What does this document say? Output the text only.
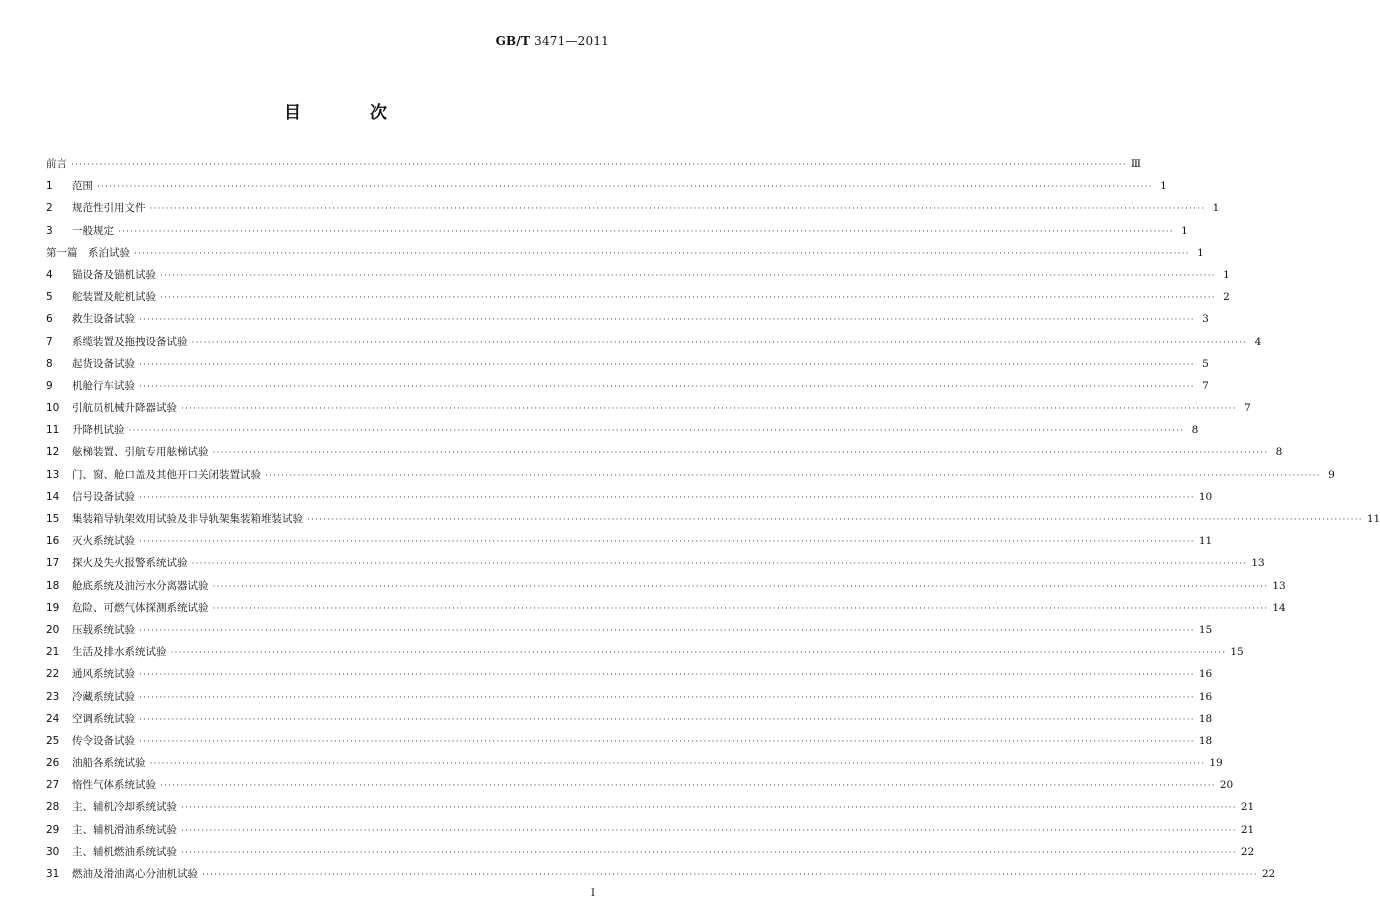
GB/T 3471—2011
目　次
前言 ···································································································································································································································································· Ⅲ
1	范围 ···································································································································································································································································· 1
2	规范性引用文件 ···································································································································································································································································· 1
3	一般规定 ···································································································································································································································································· 1
第一篇　系泊试验 ···································································································································································································································································· 1
4	锚设备及锚机试验 ···································································································································································································································································· 1
5	舵装置及舵机试验 ···································································································································································································································································· 2
6	救生设备试验 ···································································································································································································································································· 3
7	系缆装置及拖拽设备试验 ···································································································································································································································································· 4
8	起货设备试验 ···································································································································································································································································· 5
9	机舱行车试验 ···································································································································································································································································· 7
10	引航员机械升降器试验 ···································································································································································································································································· 7
11	升降机试验 ···································································································································································································································································· 8
12	舷梯装置、引航专用舷梯试验 ···································································································································································································································································· 8
13	门、窗、舱口盖及其他开口关闭装置试验 ···································································································································································································································································· 9
14	信号设备试验 ···································································································································································································································································· 10
15	集装箱导轨架效用试验及非导轨架集装箱堆装试验 ···································································································································································································································································· 11
16	灭火系统试验 ···································································································································································································································································· 11
17	探火及失火报警系统试验 ···································································································································································································································································· 13
18	舱底系统及油污水分离器试验 ···································································································································································································································································· 13
19	危险、可燃气体探测系统试验 ···································································································································································································································································· 14
20	压载系统试验 ···································································································································································································································································· 15
21	生活及排水系统试验 ···································································································································································································································································· 15
22	通风系统试验 ···································································································································································································································································· 16
23	冷藏系统试验 ···································································································································································································································································· 16
24	空调系统试验 ···································································································································································································································································· 18
25	传令设备试验 ···································································································································································································································································· 18
26	油船各系统试验 ···································································································································································································································································· 19
27	惰性气体系统试验 ···································································································································································································································································· 20
28	主、辅机冷却系统试验 ···································································································································································································································································· 21
29	主、辅机滑油系统试验 ···································································································································································································································································· 21
30	主、辅机燃油系统试验 ···································································································································································································································································· 22
31	燃油及滑油离心分油机试验 ···································································································································································································································································· 22
Ⅰ
